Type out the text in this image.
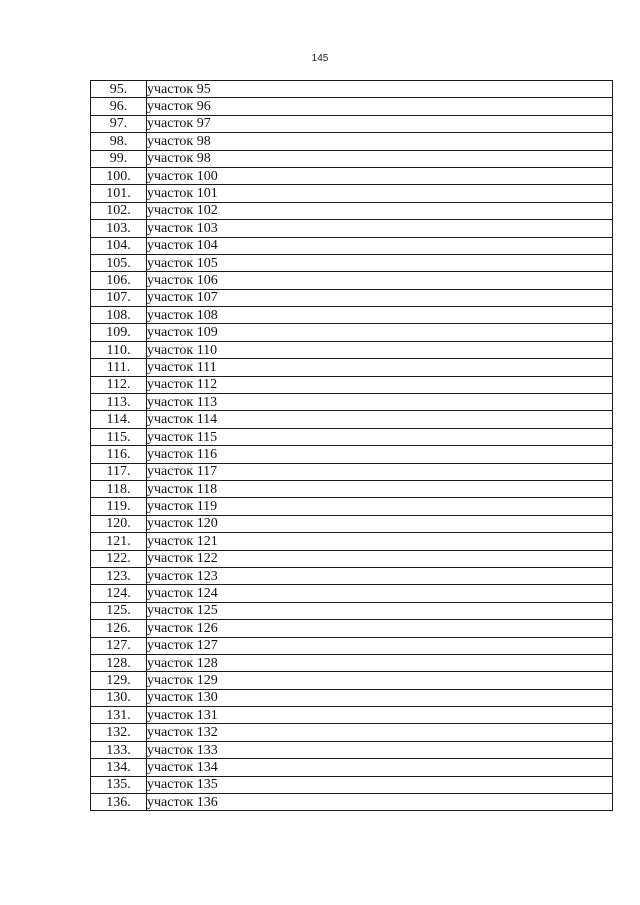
145
95.	участок 95
96.	участок 96
97.	участок 97
98.	участок 98
99.	участок 98
100.	участок 100
101.	участок 101
102.	участок 102
103.	участок 103
104.	участок 104
105.	участок 105
106.	участок 106
107.	участок 107
108.	участок 108
109.	участок 109
110.	участок 110
111.	участок 111
112.	участок 112
113.	участок 113
114.	участок 114
115.	участок 115
116.	участок 116
117.	участок 117
118.	участок 118
119.	участок 119
120.	участок 120
121.	участок 121
122.	участок 122
123.	участок 123
124.	участок 124
125.	участок 125
126.	участок 126
127.	участок 127
128.	участок 128
129.	участок 129
130.	участок 130
131.	участок 131
132.	участок 132
133.	участок 133
134.	участок 134
135.	участок 135
136.	участок 136
